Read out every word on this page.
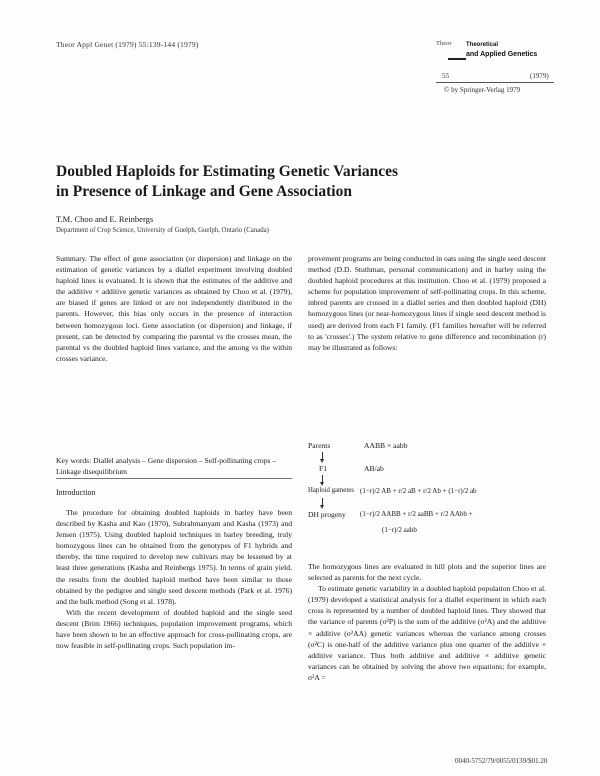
Theor Appl Genet (1979) 55:139-144 (1979)	Theor Theoretical
and Applied Genetics
55	(1979)
© by Springer-Verlag 1979
Doubled Haploids for Estimating Genetic Variances
in Presence of Linkage and Gene Association
T.M. Choo and E. Reinbergs
Department of Crop Science, University of Guelph, Guelph, Ontario (Canada)

Summary. The effect of gene association (or dispersion) and linkage on the estimation of genetic variances by a diallel experiment involving doubled haploid lines is evaluated. It is shown that the estimates of the additive and the additive × additive genetic variances as obtained by Choo et al. (1979), are biased if genes are linked or are not independently distributed in the parents. However, this bias only occurs in the presence of interaction between homozygous loci. Gene association (or dispersion) and linkage, if present, can be detected by comparing the parental vs the crosses mean, the parental vs the doubled haploid lines variance, and the among vs the within crosses variance.

Key words: Diallel analysis – Gene dispersion – Self-pollinating crops – Linkage disequilibrium
Introduction

The procedure for obtaining doubled haploids in barley have been described by Kasha and Kao (1970), Subrahmanyam and Kasha (1973) and Jensen (1975). Using doubled haploid techniques in barley breeding, truly homozygous lines can be obtained from the genotypes of F1 hybrids and thereby, the time required to develop new cultivars may be lessened by at least three generations (Kasha and Reinbergs 1975). In terms of grain yield, the results from the doubled haploid method have been similar to those obtained by the pedigree and single seed descent methods (Park et al. 1976) and the bulk method (Song et al. 1978).

With the recent development of doubled haploid and the single seed descent (Brim 1966) techniques, population improvement programs, which have been shown to be an effective approach for cross-pollinating crops, are now feasible in self-pollinating crops. Such population im-

provement programs are being conducted in oats using the single seed descent method (D.D. Stuthman, personal communication) and in barley using the doubled haploid procedures at this institution. Choo et al. (1979) proposed a scheme for population improvement of self-pollinating crops. In this scheme, inbred parents are crossed in a diallel series and then doubled haploid (DH) homozygous lines (or near-homozygous lines if single seed descent method is used) are derived from each F1 family. (F1 families hereafter will be referred to as 'crosses'.) The system relative to gene difference and recombination (r) may be illustrated as follows:

Parents	AABB × aabb
F1	AB/ab
Haploid gametes (1−r)/2 AB + r/2 aB + r/2 Ab + (1−r)/2 ab
DH progeny (1−r)/2 AABB + r/2 aaBB + r/2 AAbb +
(1−r)/2 aabb

The homozygous lines are evaluated in hill plots and the superior lines are selected as parents for the next cycle.

To estimate genetic variability in a doubled haploid population Choo et al. (1979) developed a statistical analysis for a diallel experiment in which each cross is represented by a number of doubled haploid lines. They showed that the variance of parents (σ²P) is the sum of the additive (σ²A) and the additive × additive (σ²AA) genetic variances whereas the variance among crosses (σ²C) is one-half of the additive variance plus one quarter of the additive × additive variance. Thus both additive and additive × additive genetic variances can be obtained by solving the above two equations; for example, σ²A =

0040-5752/79/0055/0139/$01.20
